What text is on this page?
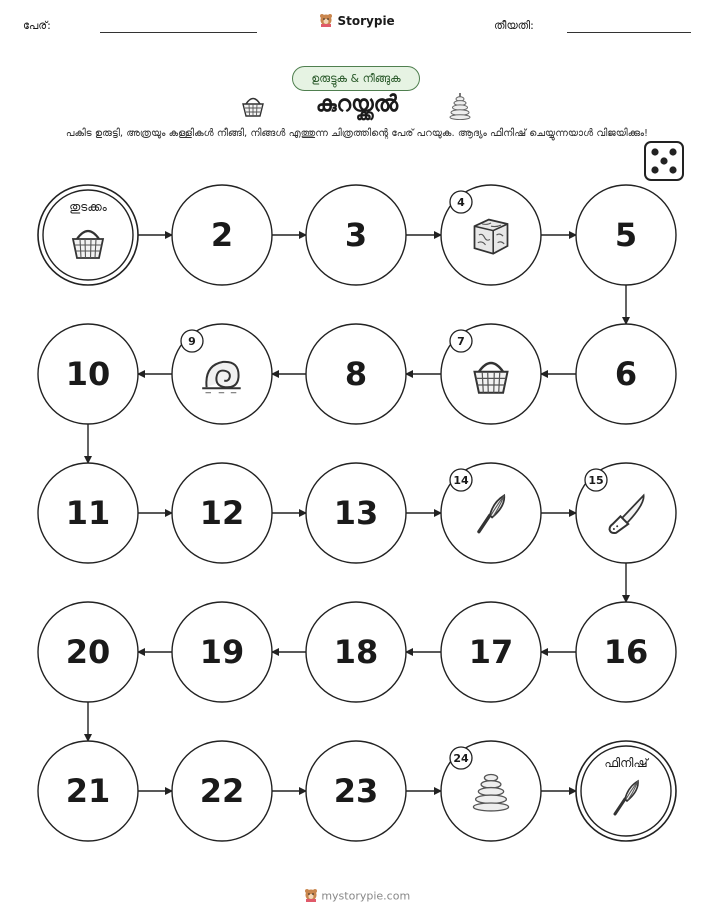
പേര്:	Storypie	തീയതി:
ഉരുട്ടുക & നീങ്ങുക
കുറയ്ക്കൽ
പകിട ഉരുട്ടി, അത്രയും കള്ളികൾ നീങ്ങി, നിങ്ങൾ എത്തുന്ന ചിത്രത്തിന്റെ പേര് പറയുക. ആദ്യം ഫിനിഷ് ചെയ്യുന്നയാൾ വിജയിക്കും!
തുടക്കം
2	3
4
5
6
7
8
9
10
11	12	13
14	15
16
17
18
19
20
21	22	23
24	ഫിനിഷ്
mystorypie.com
